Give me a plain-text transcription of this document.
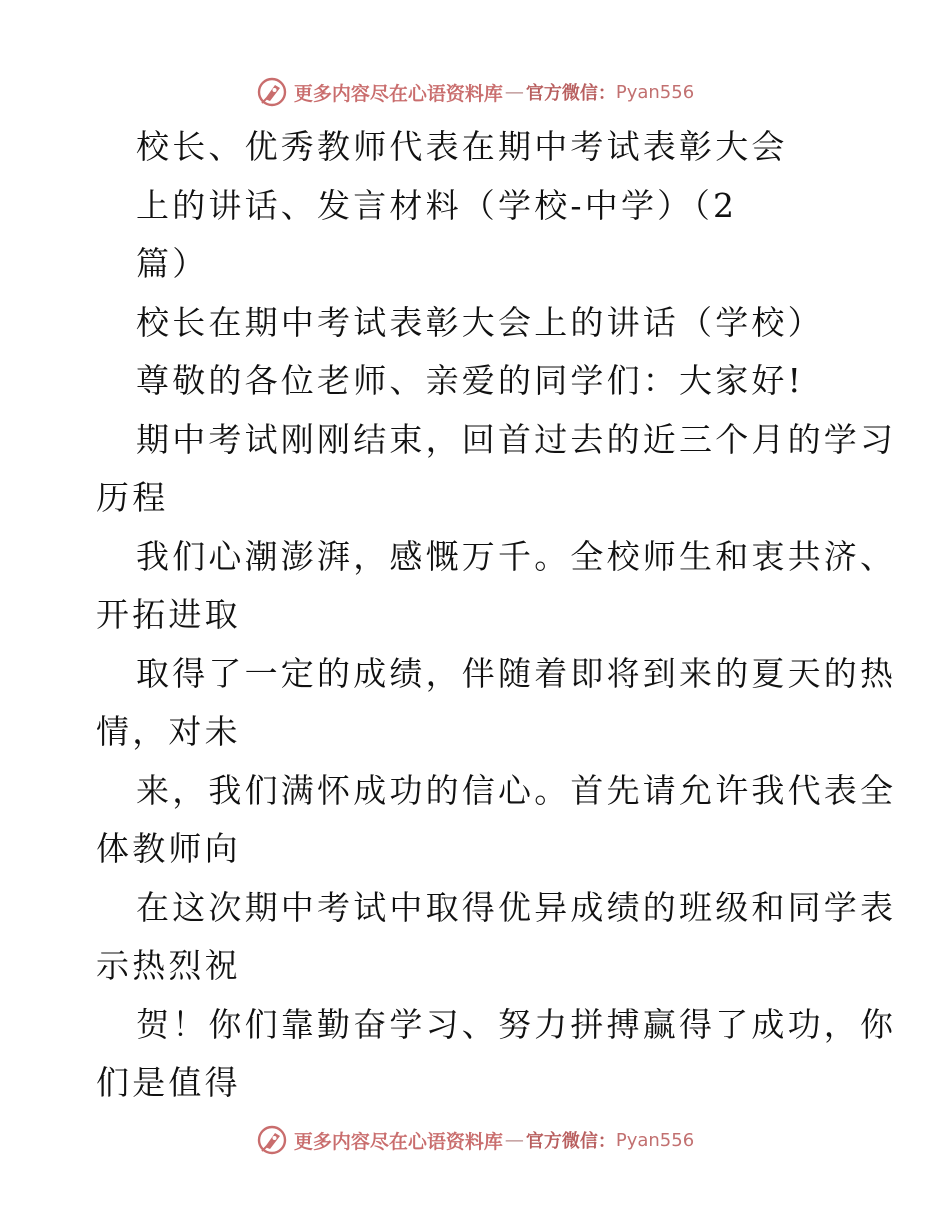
更多内容尽在心语资料库 — 官方微信： Pyan556
校长、优秀教师代表在期中考试表彰大会
上的讲话、发言材料（学校-中学）（2
篇）
校长在期中考试表彰大会上的讲话（学校）
尊敬的各位老师、亲爱的同学们：大家好!
期中考试刚刚结束，回首过去的近三个月的学习
历程
我们心潮澎湃，感慨万千。全校师生和衷共济、
开拓进取
取得了一定的成绩，伴随着即将到来的夏天的热
情，对未
来，我们满怀成功的信心。首先请允许我代表全
体教师向
在这次期中考试中取得优异成绩的班级和同学表
示热烈祝
贺！你们靠勤奋学习、努力拼搏赢得了成功，你
们是值得
更多内容尽在心语资料库 — 官方微信： Pyan556
